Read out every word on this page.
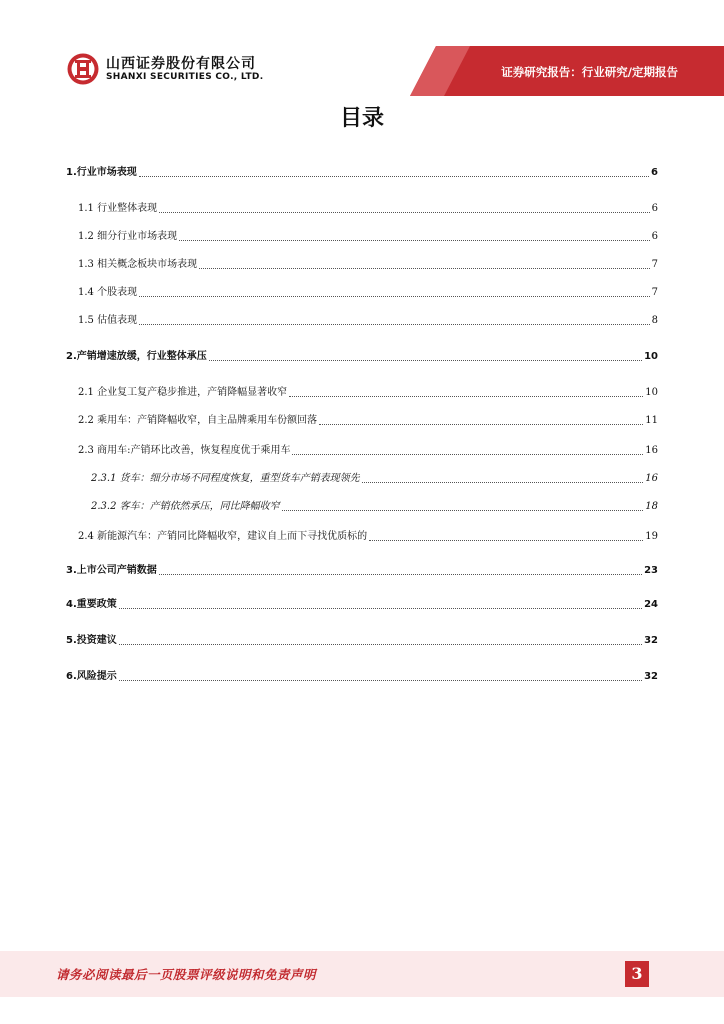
山西证券股份有限公司
SHANXI SECURITIES CO., LTD.	证券研究报告：行业研究/定期报告
目录
1.行业市场表现	6
1.1 行业整体表现	6
1.2 细分行业市场表现	6
1.3 相关概念板块市场表现	7
1.4 个股表现	7
1.5 估值表现	8
2.产销增速放缓，行业整体承压	10
2.1 企业复工复产稳步推进，产销降幅显著收窄	10
2.2 乘用车：产销降幅收窄，自主品牌乘用车份额回落	11
2.3 商用车:产销环比改善，恢复程度优于乘用车	16
2.3.1 货车：细分市场不同程度恢复，重型货车产销表现领先	16
2.3.2 客车：产销依然承压，同比降幅收窄	18
2.4 新能源汽车：产销同比降幅收窄，建议自上而下寻找优质标的	19
3.上市公司产销数据	23
4.重要政策	24
5.投资建议	32
6.风险提示	32
请务必阅读最后一页股票评级说明和免责声明	3
